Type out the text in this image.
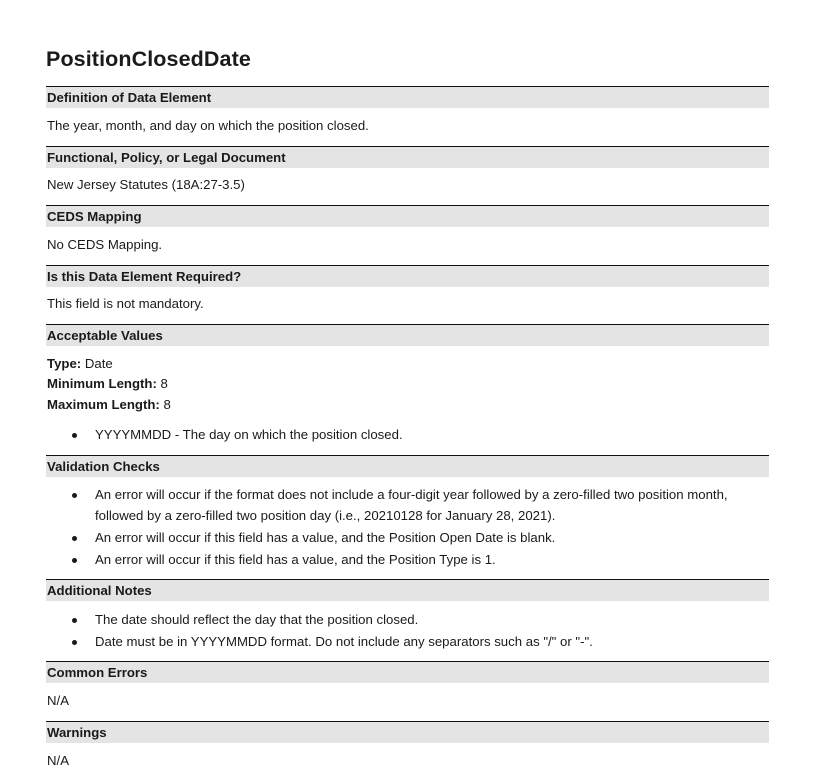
PositionClosedDate
Definition of Data Element
The year, month, and day on which the position closed.
Functional, Policy, or Legal Document
New Jersey Statutes (18A:27-3.5)
CEDS Mapping
No CEDS Mapping.
Is this Data Element Required?
This field is not mandatory.
Acceptable Values
Type: Date
Minimum Length: 8
Maximum Length: 8
YYYYMMDD - The day on which the position closed.
Validation Checks
An error will occur if the format does not include a four-digit year followed by a zero-filled two position month,
followed by a zero-filled two position day (i.e., 20210128 for January 28, 2021).
An error will occur if this field has a value, and the Position Open Date is blank.
An error will occur if this field has a value, and the Position Type is 1.
Additional Notes
The date should reflect the day that the position closed.
Date must be in YYYYMMDD format. Do not include any separators such as "/" or "-".
Common Errors
N/A
Warnings
N/A
